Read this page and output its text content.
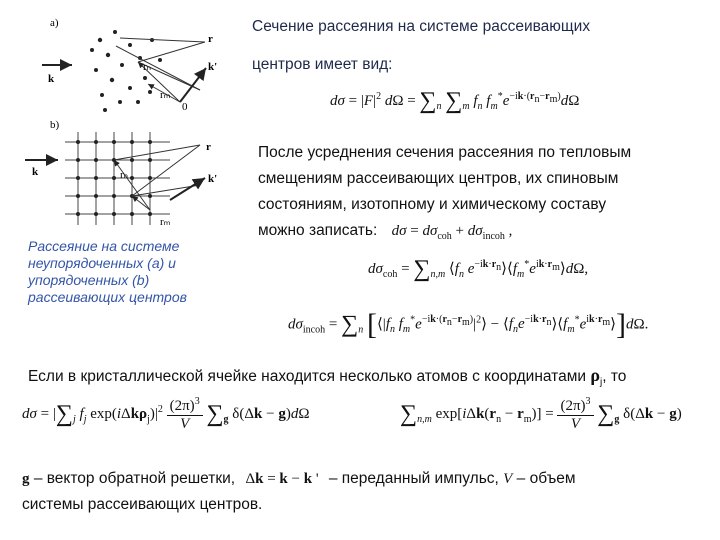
a)
k
r
k'
rₙ
rₘ
0
b)
k
r
k'
rₙ
rₘ
Сечение рассеяния на системе рассеивающих
центров имеет вид:
$d\sigma = |F|^2$ $d\Omega = \sum_n$ $\sum_m$ $f_n$ $f_m^*e^{-ik\cdot(r_n-r_m)}d\Omega$
После усреднения сечения рассеяния по тепловым
смещениям рассеивающих центров, их спиновым
состояниям, изотопному и химическому составу
можно записать: $d\sigma = d\sigma_{coh} + d\sigma_{incoh}$ ,
Рассеяние на системе
неупорядоченных (а) и
упорядоченных (b)
рассеивающих центров
$d\sigma_{coh} = \sum_{n,m}$ $⟨f_n$ $e^{-ik\cdot r_n}⟩⟨f_m^*e^{ik\cdot r_m}⟩d\Omega$,
$d\sigma_{incoh} = \sum_n$ [$⟨|f_n$ $f_m^*e^{-ik\cdot(r_n-r_m)}|^2⟩$ − $⟨f_ne^{-ik\cdot r_n}⟩⟨f_m^*e^{ik\cdot r_m}⟩]d\Omega$.
Если в кристаллической ячейке находится несколько атомов с координатами $\rho_j$, то
$d\sigma = |\sum_j$ $f_j$ $\exp(i\Delta k\rho_j)|^2 \frac{(2\pi)^3}{V} \sum_g$ δ(Δk − g)dΩ	$\sum_{n,m}$ $\exp[i\Delta k(r_n - r_m)] = \frac{(2\pi)^3}{V} \sum_g$ δ(Δk − g)
g – вектор обратной решетки, Δk = k − k ' – переданный импульс, V – объем
системы рассеивающих центров.
